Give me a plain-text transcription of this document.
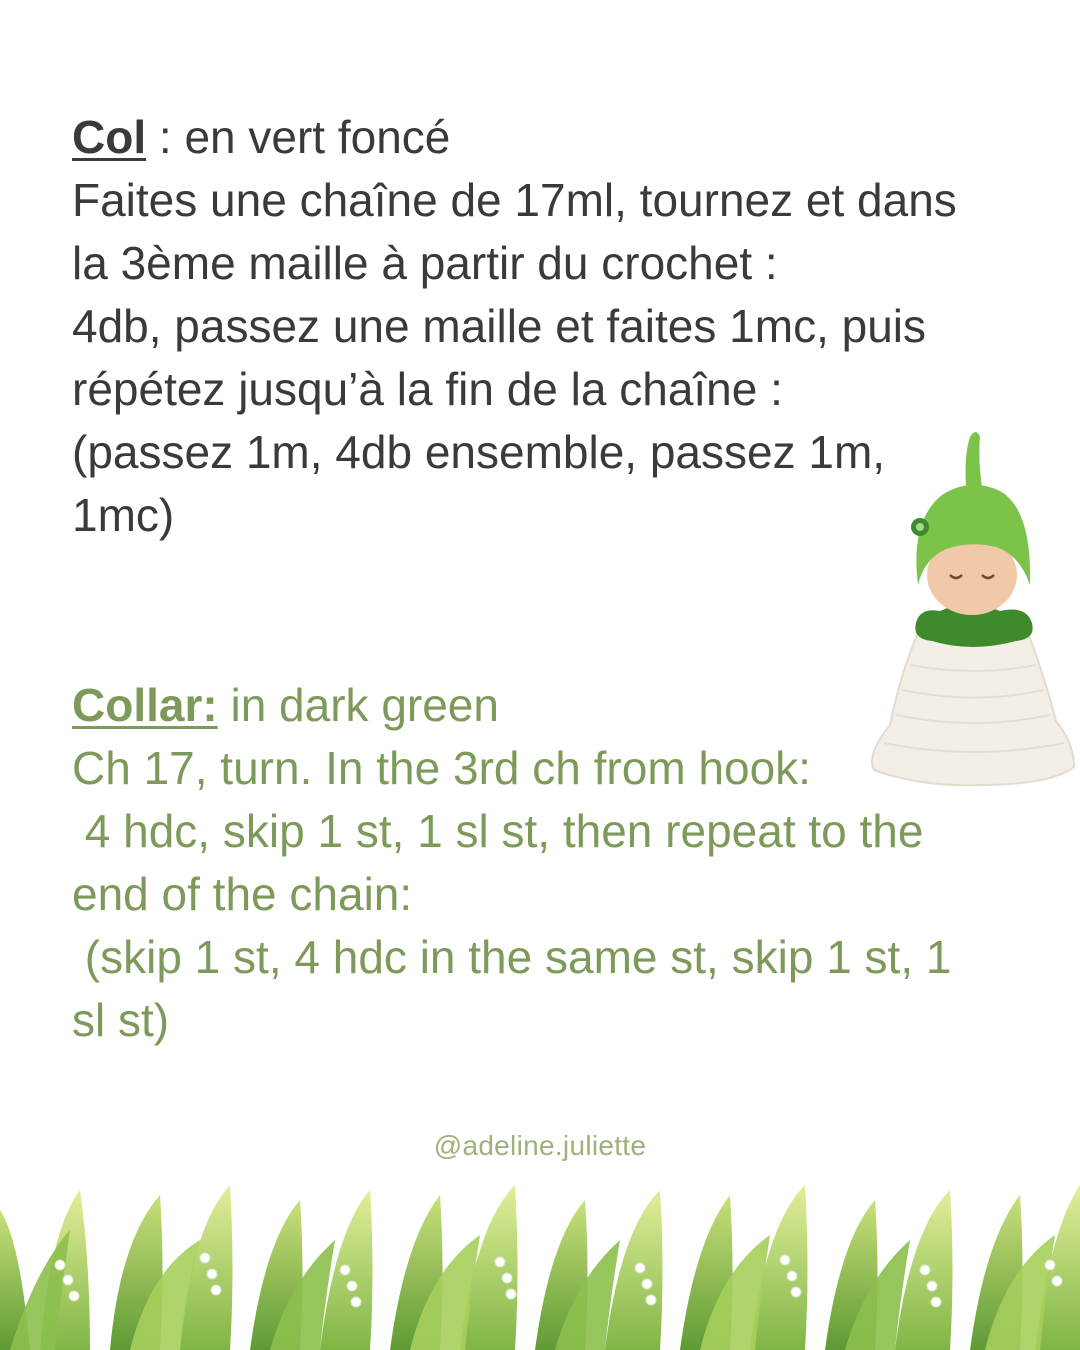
Col : en vert foncé
Faites une chaîne de 17ml, tournez et dans
la 3ème maille à partir du crochet :
4db, passez une maille et faites 1mc, puis
répétez jusqu’à la fin de la chaîne :
(passez 1m, 4db ensemble, passez 1m,
1mc)
Collar: in dark green
Ch 17, turn. In the 3rd ch from hook:
4 hdc, skip 1 st, 1 sl st, then repeat to the
end of the chain:
(skip 1 st, 4 hdc in the same st, skip 1 st, 1
sl st)
@adeline.juliette
